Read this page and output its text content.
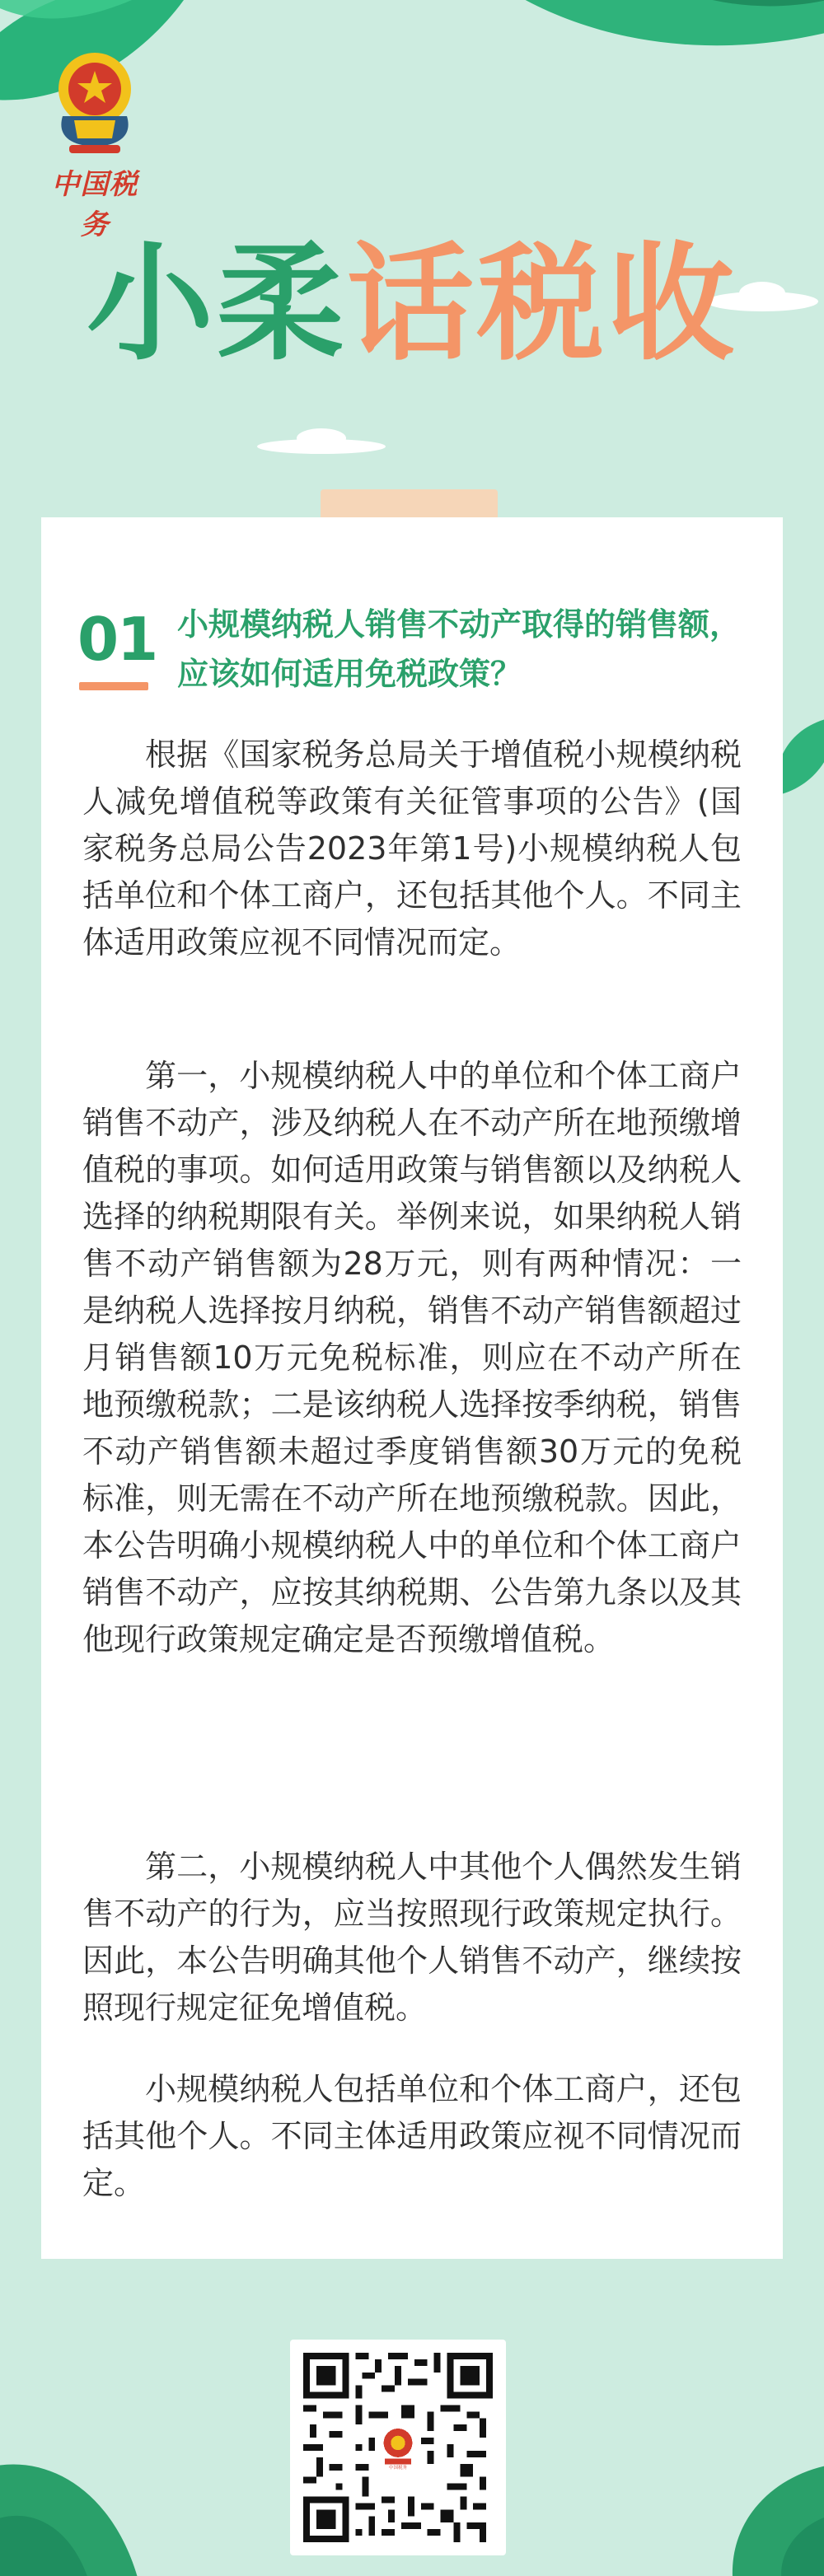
中国税务
小柔话税收
01 小规模纳税人销售不动产取得的销售额，应该如何适用免税政策？

根据《国家税务总局关于增值税小规模纳税人减免增值税等政策有关征管事项的公告》(国家税务总局公告2023年第1号)小规模纳税人包括单位和个体工商户，还包括其他个人。不同主体适用政策应视不同情况而定。

第一，小规模纳税人中的单位和个体工商户销售不动产，涉及纳税人在不动产所在地预缴增值税的事项。如何适用政策与销售额以及纳税人选择的纳税期限有关。举例来说，如果纳税人销售不动产销售额为28万元，则有两种情况：一是纳税人选择按月纳税，销售不动产销售额超过月销售额10万元免税标准，则应在不动产所在地预缴税款；二是该纳税人选择按季纳税，销售不动产销售额未超过季度销售额30万元的免税标准，则无需在不动产所在地预缴税款。因此，本公告明确小规模纳税人中的单位和个体工商户销售不动产，应按其纳税期、公告第九条以及其他现行政策规定确定是否预缴增值税。

第二，小规模纳税人中其他个人偶然发生销售不动产的行为，应当按照现行政策规定执行。因此，本公告明确其他个人销售不动产，继续按照现行规定征免增值税。

小规模纳税人包括单位和个体工商户，还包括其他个人。不同主体适用政策应视不同情况而定。
